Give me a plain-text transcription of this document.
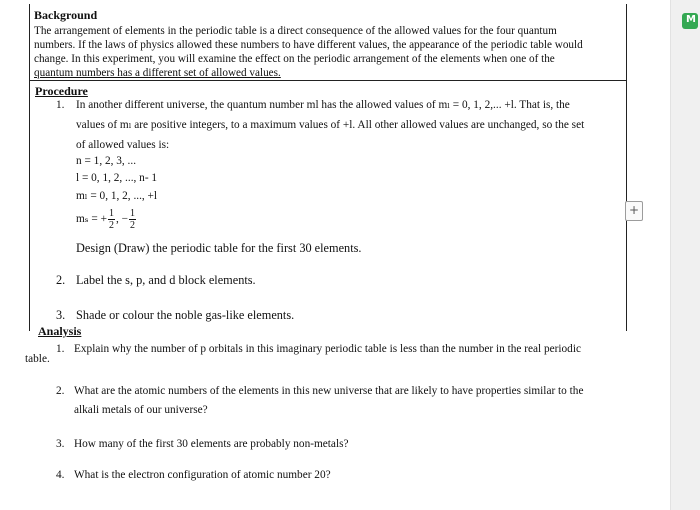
Background
The arrangement of elements in the periodic table is a direct consequence of the allowed values for the four quantum
numbers. If the laws of physics allowed these numbers to have different values, the appearance of the periodic table would
change. In this experiment, you will examine the effect on the periodic arrangement of the elements when one of the
quantum numbers has a different set of allowed values.
Procedure
1. In another different universe, the quantum number ml has the allowed values of mₗ = 0, 1, 2,... +l. That is, the
values of mₗ are positive integers, to a maximum values of +l. All other allowed values are unchanged, so the set
of allowed values is:
n = 1, 2, 3, ...
l = 0, 1, 2, ..., n- 1
mₗ = 0, 1, 2, ..., +l
mₛ = + $\frac{1}{2}$ , − $\frac{1}{2}$
Design (Draw) the periodic table for the first 30 elements.
2. Label the s, p, and d block elements.
3. Shade or colour the noble gas-like elements.
Analysis
1. Explain why the number of p orbitals in this imaginary periodic table is less than the number in the real periodic
table.
2. What are the atomic numbers of the elements in this new universe that are likely to have properties similar to the
alkali metals of our universe?
3. How many of the first 30 elements are probably non-metals?
4. What is the electron configuration of atomic number 20?
+
M
